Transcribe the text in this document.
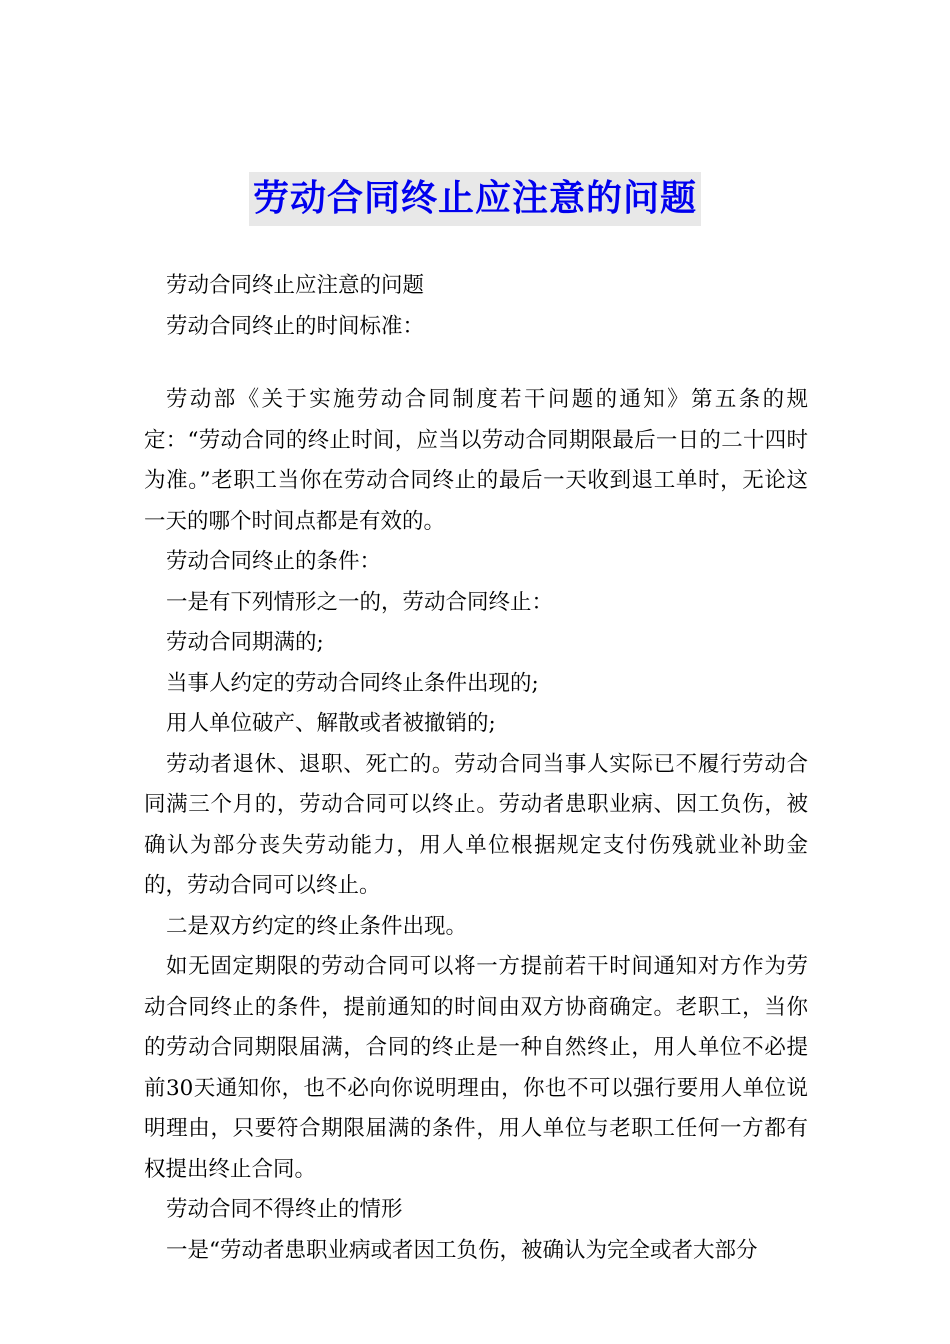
劳动合同终止应注意的问题

劳动合同终止应注意的问题

劳动合同终止的时间标准：

劳动部《关于实施劳动合同制度若干问题的通知》第五条的规定：“劳动合同的终止时间，应当以劳动合同期限最后一日的二十四时为准。”老职工当你在劳动合同终止的最后一天收到退工单时，无论这一天的哪个时间点都是有效的。

劳动合同终止的条件：

一是有下列情形之一的，劳动合同终止：

劳动合同期满的;

当事人约定的劳动合同终止条件出现的;

用人单位破产、解散或者被撤销的;

劳动者退休、退职、死亡的。劳动合同当事人实际已不履行劳动合同满三个月的，劳动合同可以终止。劳动者患职业病、因工负伤，被确认为部分丧失劳动能力，用人单位根据规定支付伤残就业补助金的，劳动合同可以终止。

二是双方约定的终止条件出现。

如无固定期限的劳动合同可以将一方提前若干时间通知对方作为劳动合同终止的条件，提前通知的时间由双方协商确定。老职工，当你的劳动合同期限届满，合同的终止是一种自然终止，用人单位不必提前30天通知你，也不必向你说明理由，你也不可以强行要用人单位说明理由，只要符合期限届满的条件，用人单位与老职工任何一方都有权提出终止合同。

劳动合同不得终止的情形

一是“劳动者患职业病或者因工负伤，被确认为完全或者大部分
